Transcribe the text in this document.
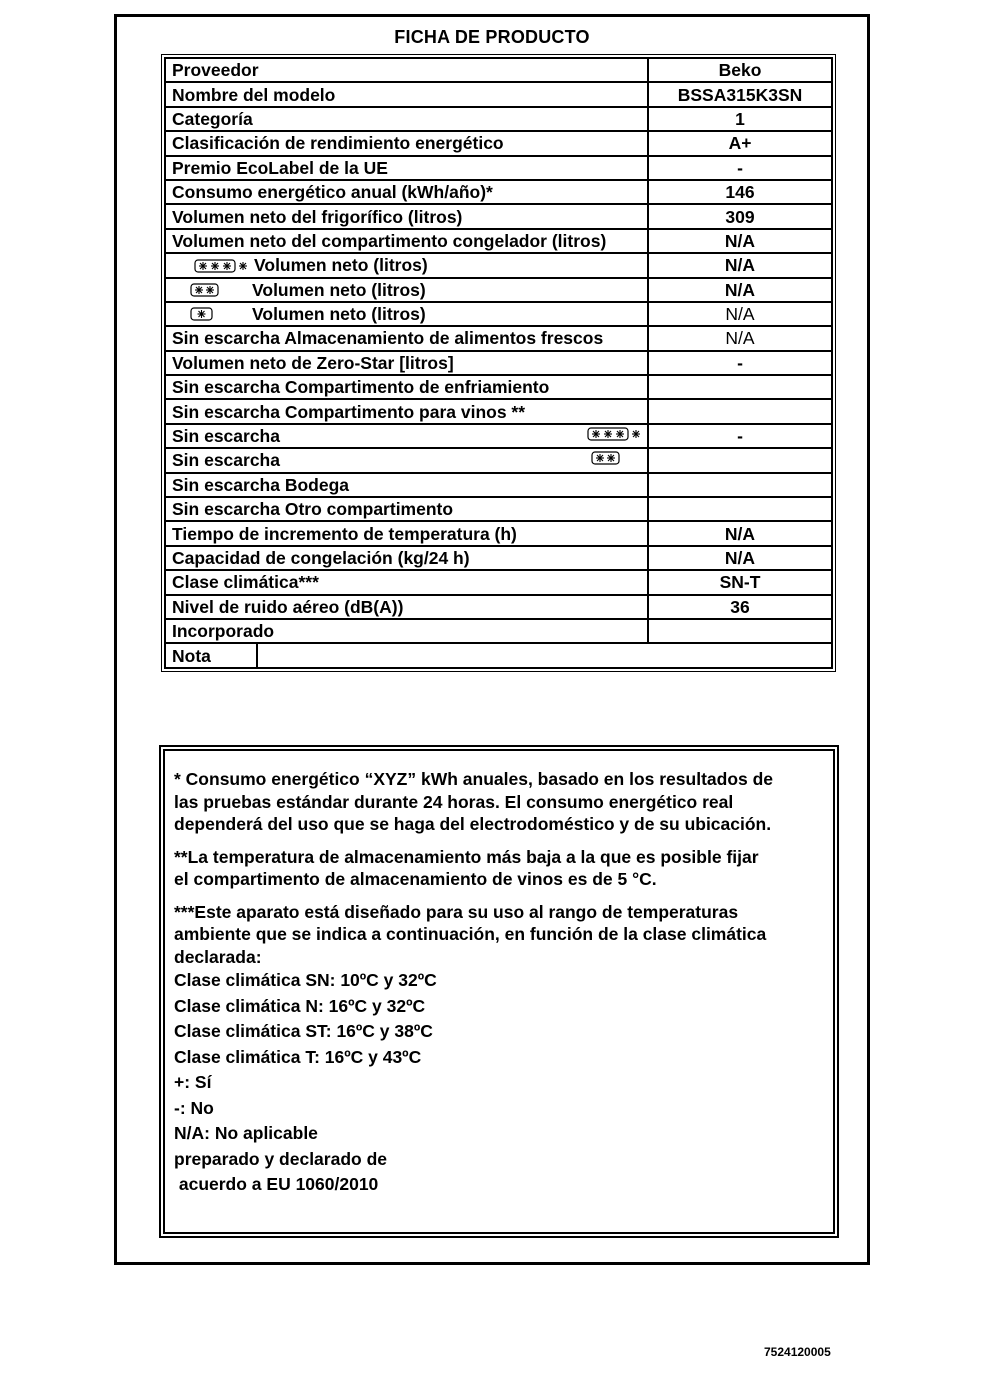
FICHA DE PRODUCTO
Proveedor	Beko
Nombre del modelo	BSSA315K3SN
Categoría	1
Clasificación de rendimiento energético	A+
Premio EcoLabel de la UE	-
Consumo energético anual (kWh/año)*	146
Volumen neto del frigorífico (litros)	309
Volumen neto del compartimento congelador (litros)	N/A

Volumen neto (litros)	N/A

Volumen neto (litros)	N/A

Volumen neto (litros)	N/A
Sin escarcha Almacenamiento de alimentos frescos	N/A
Volumen neto de Zero-Star [litros]	-
Sin escarcha Compartimento de enfriamiento	
Sin escarcha Compartimento para vinos **	
Sin escarcha	-
Sin escarcha

Sin escarcha Bodega	
Sin escarcha Otro compartimento	
Tiempo de incremento de temperatura (h)	N/A
Capacidad de congelación (kg/24 h)	N/A
Clase climática***	SN-T
Nivel de ruido aéreo (dB(A))	36
Incorporado	
Nota	

* Consumo energético “XYZ” kWh anuales, basado en los resultados de

las pruebas estándar durante 24 horas. El consumo energético real

dependerá del uso que se haga del electrodoméstico y de su ubicación.

**La temperatura de almacenamiento más baja a la que es posible fijar

el compartimento de almacenamiento de vinos es de 5 °C.

***Este aparato está diseñado para su uso al rango de temperaturas

ambiente que se indica a continuación, en función de la clase climática

declarada:

Clase climática SN: 10ºC y 32ºC

Clase climática N: 16ºC y 32ºC

Clase climática ST: 16ºC y 38ºC

Clase climática T: 16ºC y 43ºC

+: Sí

-: No

N/A: No aplicable

preparado y declarado de

acuerdo a EU 1060/2010

7524120005
